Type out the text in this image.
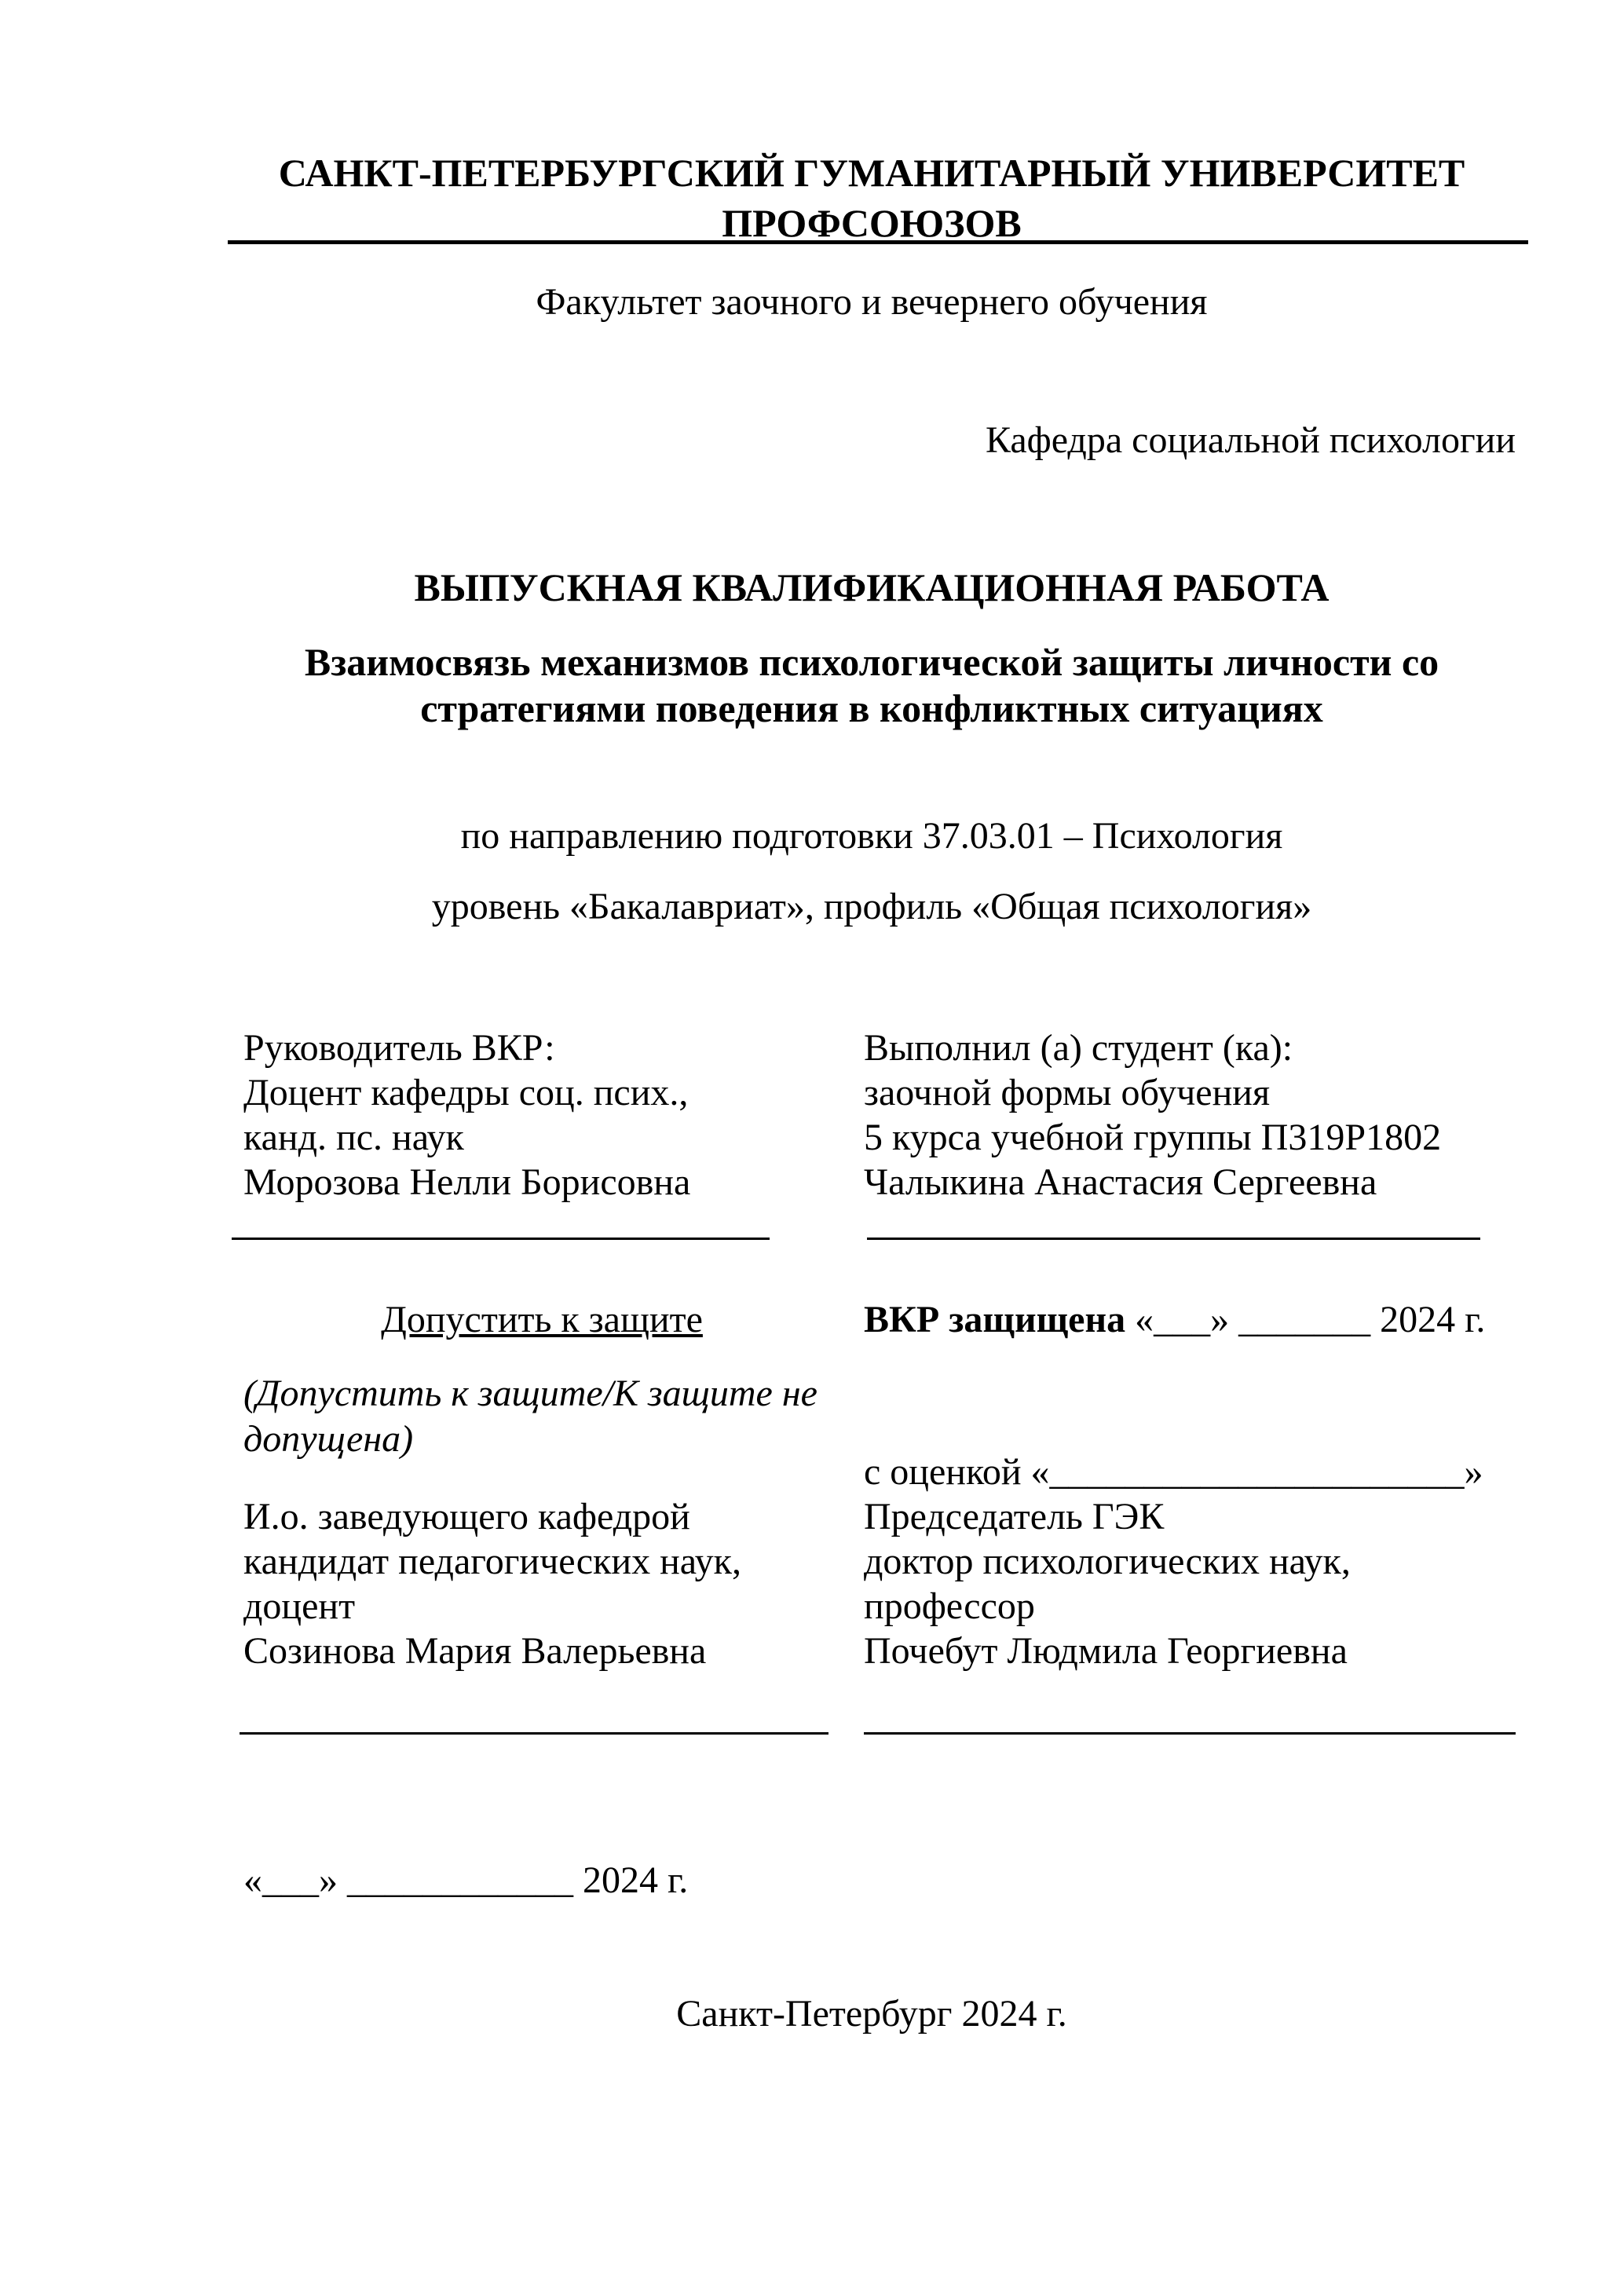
САНКТ-ПЕТЕРБУРГСКИЙ ГУМАНИТАРНЫЙ УНИВЕРСИТЕТ
ПРОФСОЮЗОВ
Факультет заочного и вечернего обучения
Кафедра социальной психологии
ВЫПУСКНАЯ КВАЛИФИКАЦИОННАЯ РАБОТА
Взаимосвязь механизмов психологической защиты личности со
стратегиями поведения в конфликтных ситуациях
по направлению подготовки 37.03.01 – Психология
уровень «Бакалавриат», профиль «Общая психология»
Руководитель ВКР:
Доцент кафедры соц. псих.,
канд. пс. наук
Морозова Нелли Борисовна
Выполнил (а) студент (ка):
заочной формы обучения
5 курса учебной группы П319Р1802
Чалыкина Анастасия Сергеевна
Допустить к защите	ВКР защищена «___» _______ 2024 г.
(Допустить к защите/К защите не допущена)
с оценкой «______________________»
И.о. заведующего кафедрой
кандидат педагогических наук,
доцент
Созинова Мария Валерьевна
Председатель ГЭК
доктор психологических наук,
профессор
Почебут Людмила Георгиевна
«___» ____________ 2024 г.
Санкт-Петербург 2024 г.
